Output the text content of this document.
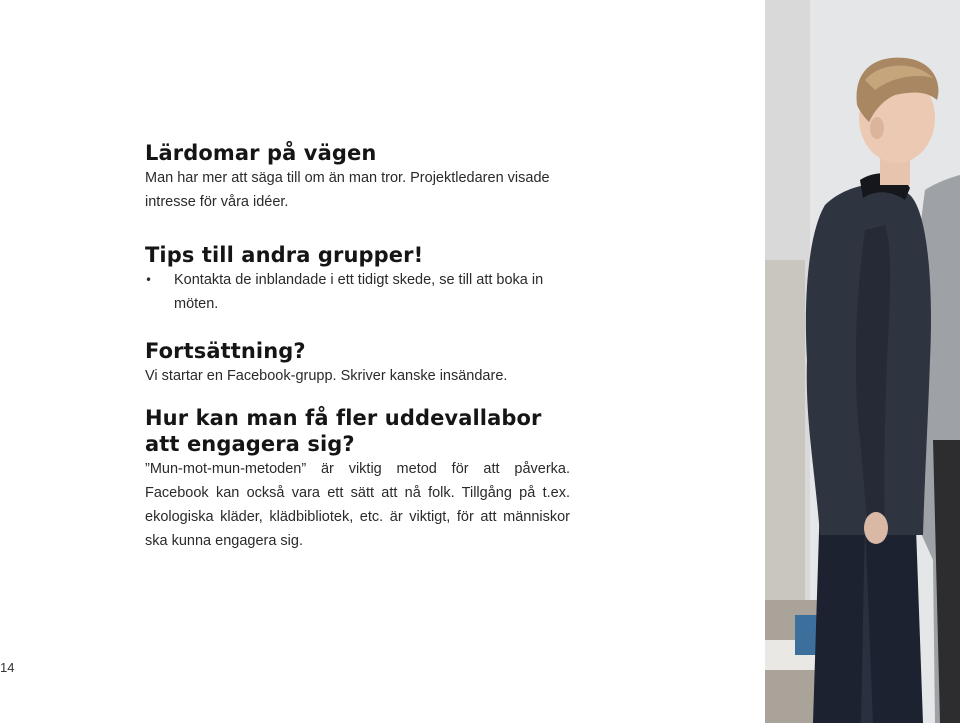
Lärdomar på vägen

Man har mer att säga till om än man tror. Projektledaren visade intresse för våra idéer.

Tips till andra grupper!
• Kontakta de inblandade i ett tidigt skede, se till att boka in möten.
Fortsättning?

Vi startar en Facebook-grupp. Skriver kanske insändare.

Hur kan man få fler uddevallabor att engagera sig?

”Mun-mot-mun-metoden” är viktig metod för att påverka. Facebook kan också vara ett sätt att nå folk. Tillgång på t.ex. ekologiska kläder, klädbibliotek, etc. är viktigt, för att människor ska kunna engagera sig.

14
